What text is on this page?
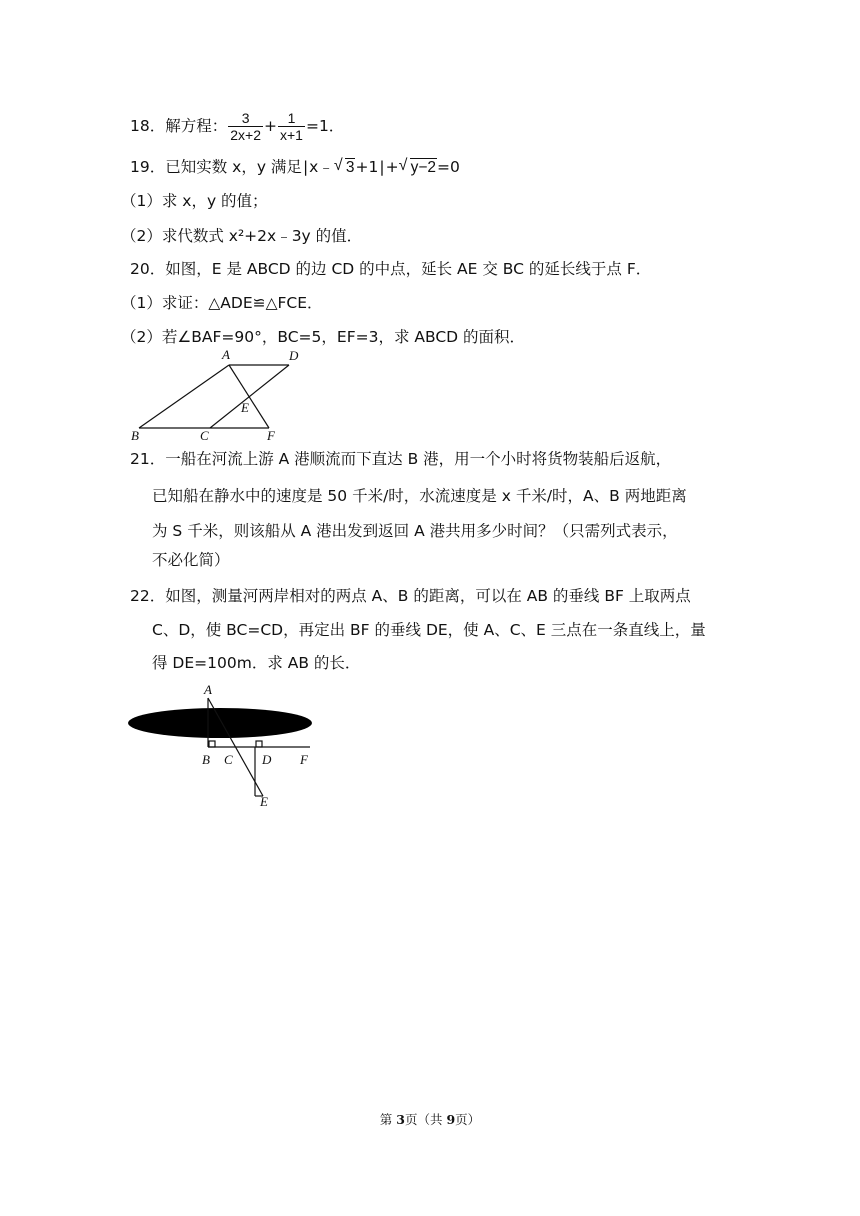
18．解方程： $\frac{3}{2x+2} + \frac{1}{x+1} =1$．
19．已知实数 x，y 满足|x﹣ √ 3+1|+ √ y−2=0
（1）求 x，y 的值；
（2）求代数式 x²+2x﹣3y 的值．
20．如图，E 是 ABCD 的边 CD 的中点，延长 AE 交 BC 的延长线于点 F．
（1）求证：△ADE≌△FCE．
（2）若∠BAF=90°，BC=5，EF=3，求 ABCD 的面积．
A	D
E
B	C	F
21．一船在河流上游 A 港顺流而下直达 B 港，用一个小时将货物装船后返航，
已知船在静水中的速度是 50 千米/时，水流速度是 x 千米/时，A、B 两地距离
为 S 千米，则该船从 A 港出发到返回 A 港共用多少时间？（只需列式表示，
不必化简）
22．如图，测量河两岸相对的两点 A、B 的距离，可以在 AB 的垂线 BF 上取两点
C、D，使 BC=CD，再定出 BF 的垂线 DE，使 A、C、E 三点在一条直线上，量
得 DE=100m．求 AB 的长．
A
B C D F
E
第 3页（共 9页）
